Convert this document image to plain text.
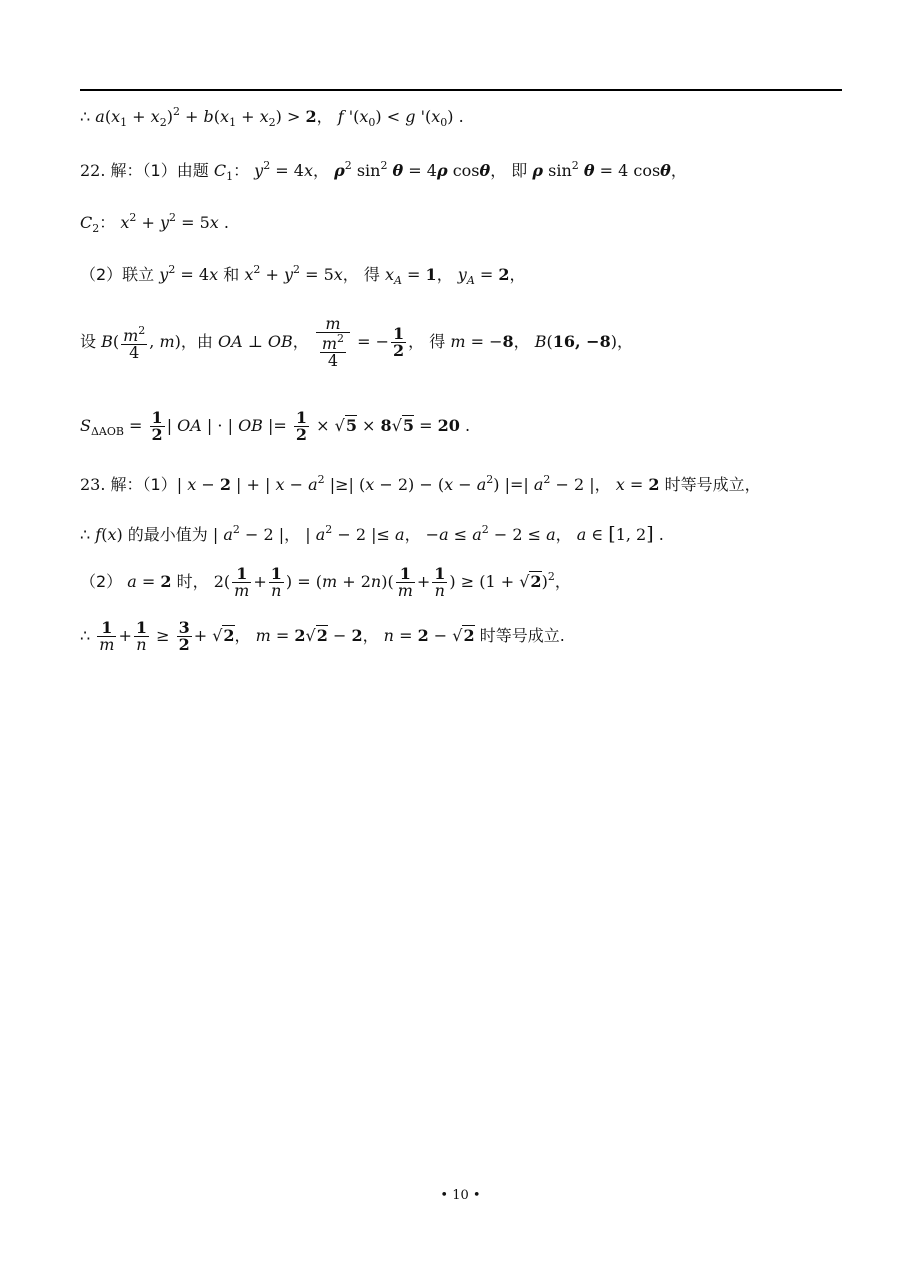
∴ $a(x_1 + x_2)^2 + b(x_1 + x_2) > 2$， f '$(x_0) < g$ '$(x_0)$ .
22. 解：（1）由题 $C_1$： $y^2 = 4x$， $\rho^2$ $\sin^2 \theta = 4\rho$ cosθ， 即 ρ $\sin^2 \theta = 4$ cosθ，
$C_2$： $x^2 + y^2 = 5x$ .
（2）联立 $y^2 = 4x$ 和 $x^2 + y^2 = 5x$， 得 $x_A = 1$， $y_A = 2$，
设 $B( \frac{m^2}{4}$ , m)，由 OA ⊥ OB， $\frac{m}{\frac{m^2}{4}}$ = − $\frac{1}{2}$ ， 得 m = −8， B(16, −8)，
$S_{\Delta AOB} = \frac{1}{2}$ | OA | · | OB |= $\frac{1}{2} \times √5 \times 8√5 = 20$ .
23. 解：（1）| x − 2 | + | $x - a^2$ |≥| $(x - 2) - (x - a^2)$ |=| $a^2 - 2$ |， x = 2 时等号成立，
∴ f(x) 的最小值为 | $a^2 - 2$ |， | $a^2 - 2$ |≤ a， $-a \le a^2 - 2 \le a$， a ∈ [1, 2] .
（2） a = 2 时， $2( \frac{1}{m} + \frac{1}{n}$ ) = $(m + 2n)( \frac{1}{m} + \frac{1}{n}$ ) ≥ $(1 + √2)^2$，
∴ $\frac{1}{m} + \frac{1}{n} \ge \frac{3}{2} + √2$， m = 2√2 − 2， n = 2 − √2 时等号成立.
• 10 •
